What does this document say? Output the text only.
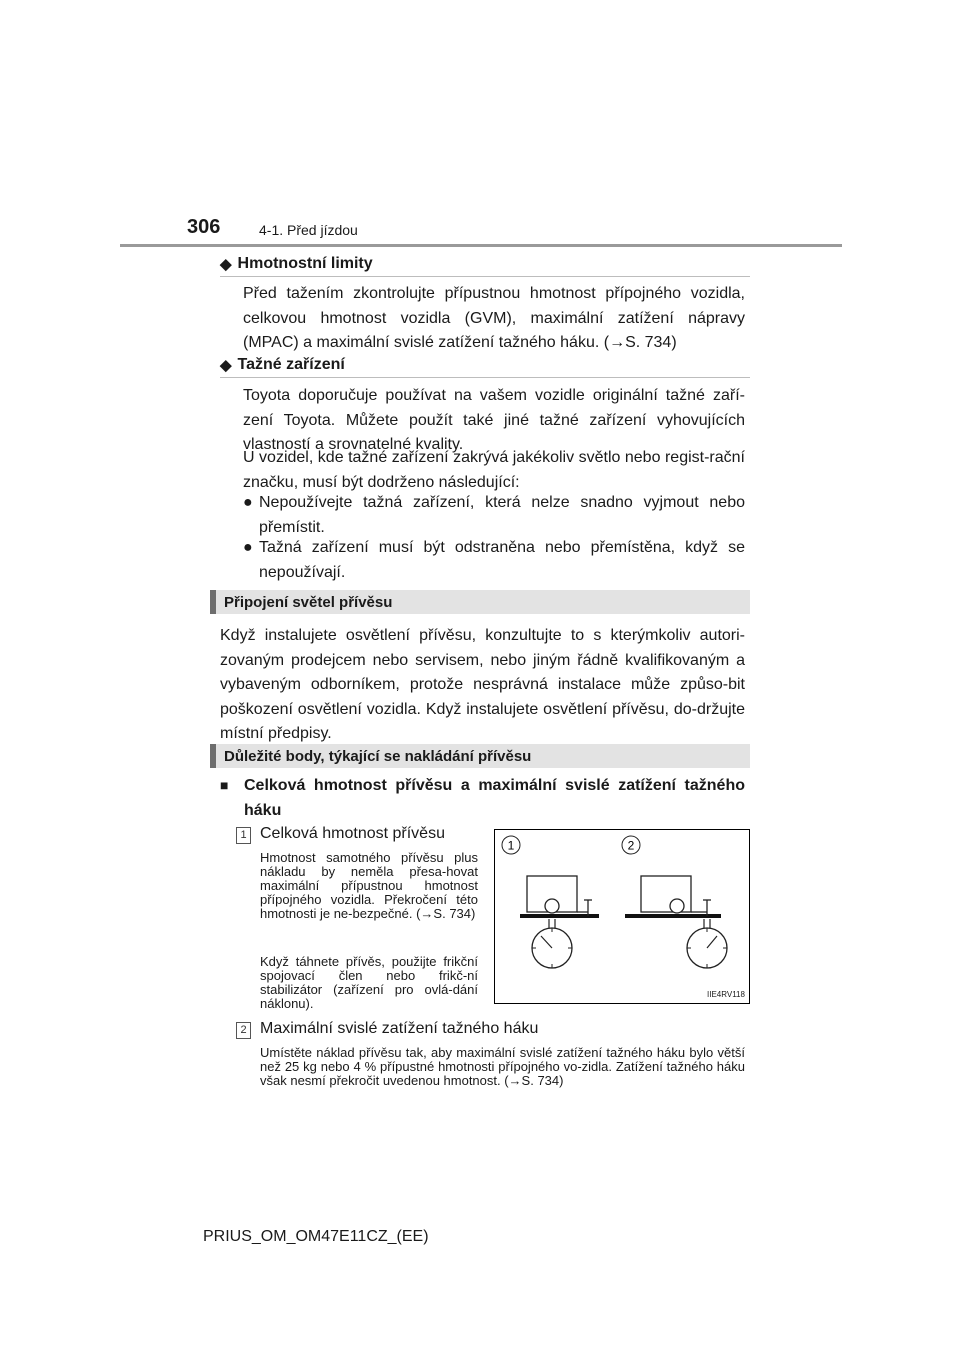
306	4-1. Před jízdou
◆ Hmotnostní limity
Před tažením zkontrolujte přípustnou hmotnost přípojného vozidla, celkovou hmotnost vozidla (GVM), maximální zatížení nápravy (MPAC) a maximální svislé zatížení tažného háku. (→S. 734)
◆ Tažné zařízení
Toyota doporučuje používat na vašem vozidle originální tažné zaří-zení Toyota. Můžete použít také jiné tažné zařízení vyhovujících vlastností a srovnatelné kvality.
U vozidel, kde tažné zařízení zakrývá jakékoliv světlo nebo regist-rační značku, musí být dodrženo následující:
● Nepoužívejte tažná zařízení, která nelze snadno vyjmout nebo přemístit.
● Tažná zařízení musí být odstraněna nebo přemístěna, když se nepoužívají.
Připojení světel přívěsu
Když instalujete osvětlení přívěsu, konzultujte to s kterýmkoliv autori-zovaným prodejcem nebo servisem, nebo jiným řádně kvalifikovaným a vybaveným odborníkem, protože nesprávná instalace může způso-bit poškození osvětlení vozidla. Když instalujete osvětlení přívěsu, do-držujte místní předpisy.
Důležité body, týkající se nakládání přívěsu
■ Celková hmotnost přívěsu a maximální svislé zatížení tažného háku
1 Celková hmotnost přívěsu
Hmotnost samotného přívěsu plus nákladu by neměla přesa-hovat maximální přípustnou hmotnost přípojného vozidla. Překročení této hmotnosti je ne-bezpečné. (→S. 734)
Když táhnete přívěs, použijte frikční spojovací člen nebo frikč-ní stabilizátor (zařízení pro ovlá-dání náklonu).
1	2
IIE4RV118
2 Maximální svislé zatížení tažného háku
Umístěte náklad přívěsu tak, aby maximální svislé zatížení tažného háku bylo větší než 25 kg nebo 4 % přípustné hmotnosti přípojného vo-zidla. Zatížení tažného háku však nesmí překročit uvedenou hmotnost. (→S. 734)
PRIUS_OM_OM47E11CZ_(EE)
